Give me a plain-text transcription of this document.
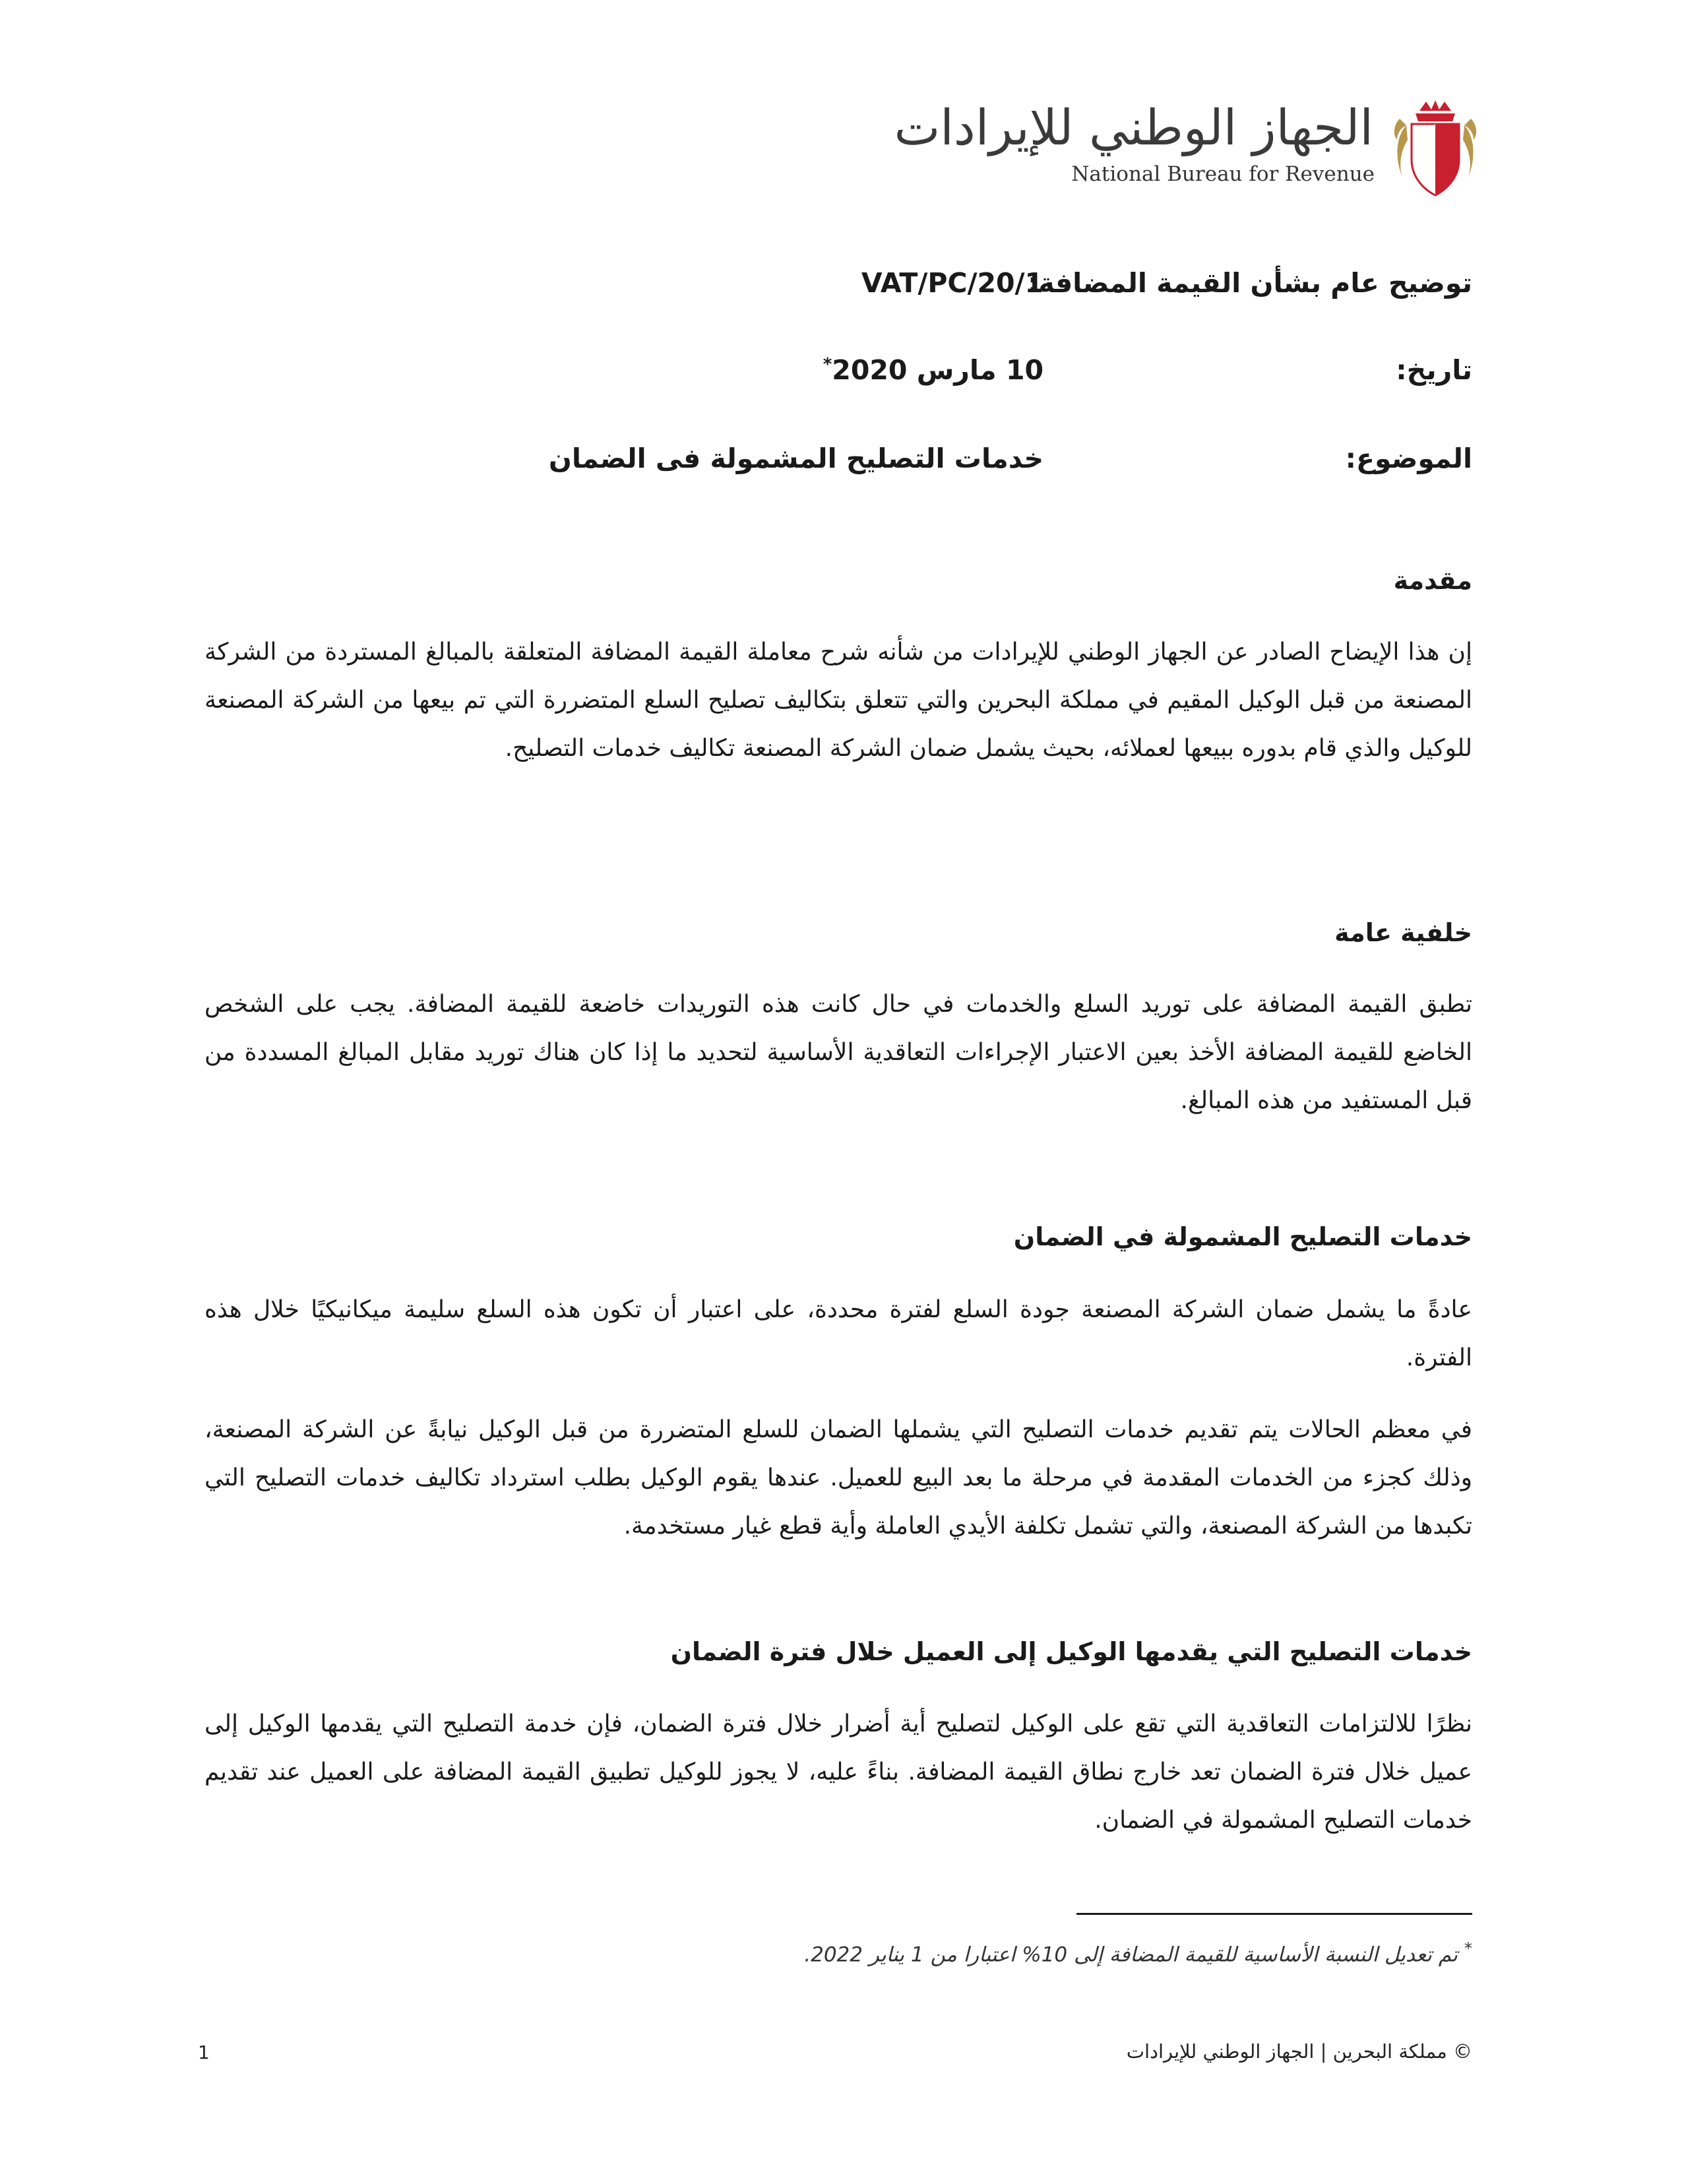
الجهاز الوطني للإيرادات
National Bureau for Revenue
توضيح عام بشأن القيمة المضافة:
VAT/PC/20/1
تاريخ:
10 مارس 2020*
الموضوع:
خدمات التصليح المشمولة فى الضمان
مقدمة

إن هذا الإيضاح الصادر عن الجهاز الوطني للإيرادات من شأنه شرح معاملة القيمة المضافة المتعلقة بالمبالغ المستردة من الشركة المصنعة من قبل الوكيل المقيم في مملكة البحرين والتي تتعلق بتكاليف تصليح السلع المتضررة التي تم بيعها من الشركة المصنعة للوكيل والذي قام بدوره ببيعها لعملائه، بحيث يشمل ضمان الشركة المصنعة تكاليف خدمات التصليح.

خلفية عامة

تطبق القيمة المضافة على توريد السلع والخدمات في حال كانت هذه التوريدات خاضعة للقيمة المضافة. يجب على الشخص الخاضع للقيمة المضافة الأخذ بعين الاعتبار الإجراءات التعاقدية الأساسية لتحديد ما إذا كان هناك توريد مقابل المبالغ المسددة من قبل المستفيد من هذه المبالغ.

خدمات التصليح المشمولة في الضمان

عادةً ما يشمل ضمان الشركة المصنعة جودة السلع لفترة محددة، على اعتبار أن تكون هذه السلع سليمة ميكانيكيًا خلال هذه الفترة.

في معظم الحالات يتم تقديم خدمات التصليح التي يشملها الضمان للسلع المتضررة من قبل الوكيل نيابةً عن الشركة المصنعة، وذلك كجزء من الخدمات المقدمة في مرحلة ما بعد البيع للعميل. عندها يقوم الوكيل بطلب استرداد تكاليف خدمات التصليح التي تكبدها من الشركة المصنعة، والتي تشمل تكلفة الأيدي العاملة وأية قطع غيار مستخدمة.

خدمات التصليح التي يقدمها الوكيل إلى العميل خلال فترة الضمان

نظرًا للالتزامات التعاقدية التي تقع على الوكيل لتصليح أية أضرار خلال فترة الضمان، فإن خدمة التصليح التي يقدمها الوكيل إلى عميل خلال فترة الضمان تعد خارج نطاق القيمة المضافة. بناءً عليه، لا يجوز للوكيل تطبيق القيمة المضافة على العميل عند تقديم خدمات التصليح المشمولة في الضمان.

*تم تعديل النسبة الأساسية للقيمة المضافة إلى 10% اعتبارا من 1 يناير 2022.
1	© مملكة البحرين | الجهاز الوطني للإيرادات
